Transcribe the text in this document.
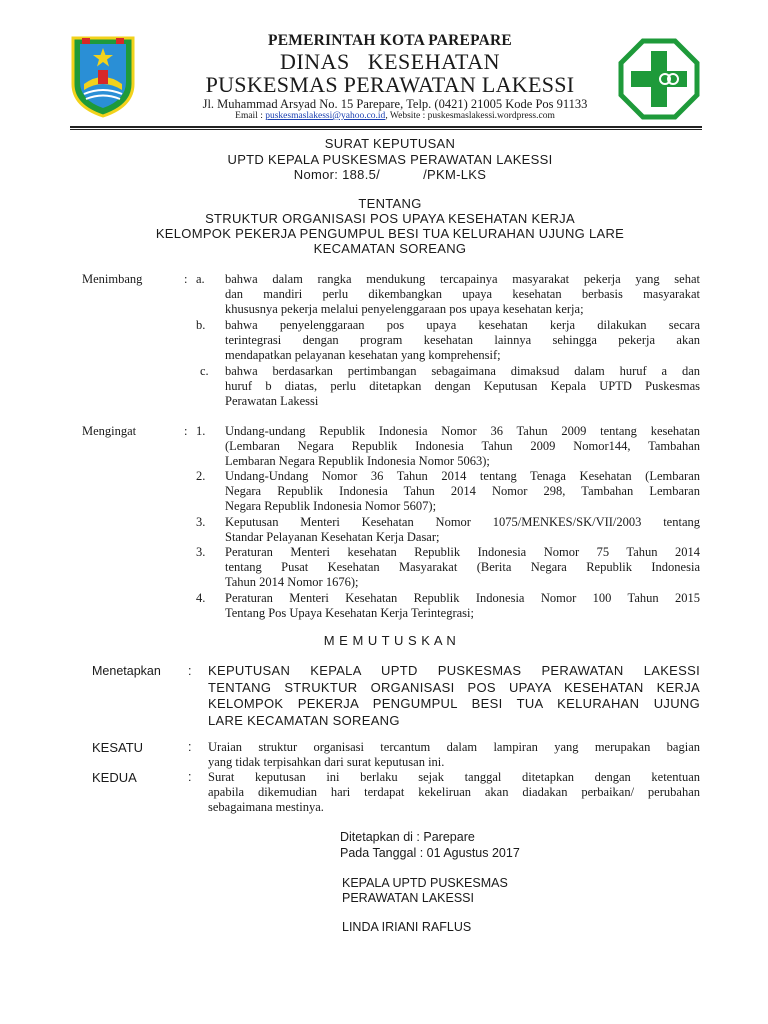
PEMERINTAH KOTA PAREPARE
DINAS   KESEHATAN
PUSKESMAS PERAWATAN LAKESSI
Jl. Muhammad Arsyad No. 15 Parepare, Telp. (0421) 21005 Kode Pos 91133
Email : puskesmaslakessi@yahoo.co.id, Website : puskesmaslakessi.wordpress.com
SURAT KEPUTUSAN
UPTD KEPALA PUSKESMAS PERAWATAN LAKESSI
Nomor: 188.5/           /PKM-LKS
TENTANG
STRUKTUR ORGANISASI POS UPAYA KESEHATAN KERJA
KELOMPOK PEKERJA PENGUMPUL BESI TUA KELURAHAN UJUNG LARE
KECAMATAN SOREANG
Menimbang	: a. bahwa dalam rangka mendukung tercapainya masyarakat pekerja yang sehat
dan mandiri perlu dikembangkan upaya kesehatan berbasis masyarakat
khususnya pekerja melalui penyelenggaraan pos upaya kesehatan kerja;
b. bahwa penyelenggaraan pos upaya kesehatan kerja dilakukan secara
terintegrasi dengan program kesehatan lainnya sehingga pekerja akan
mendapatkan pelayanan kesehatan yang komprehensif;
c. bahwa berdasarkan pertimbangan sebagaimana dimaksud dalam huruf a dan
huruf b diatas, perlu ditetapkan dengan Keputusan Kepala UPTD Puskesmas
Perawatan Lakessi
Mengingat	: 1. Undang-undang Republik Indonesia Nomor 36 Tahun 2009 tentang kesehatan
(Lembaran Negara Republik Indonesia Tahun 2009 Nomor144, Tambahan
Lembaran Negara Republik Indonesia Nomor 5063);
2. Undang-Undang Nomor 36 Tahun 2014 tentang Tenaga Kesehatan (Lembaran
Negara Republik Indonesia Tahun 2014 Nomor 298, Tambahan Lembaran
Negara Republik Indonesia Nomor 5607);
3. Keputusan Menteri Kesehatan Nomor 1075/MENKES/SK/VII/2003 tentang
Standar Pelayanan Kesehatan Kerja Dasar;
3. Peraturan Menteri kesehatan Republik Indonesia Nomor 75 Tahun 2014
tentang Pusat Kesehatan Masyarakat (Berita Negara Republik Indonesia
Tahun 2014 Nomor 1676);
4. Peraturan Menteri Kesehatan Republik Indonesia Nomor 100 Tahun 2015
Tentang Pos Upaya Kesehatan Kerja Terintegrasi;
M E M U T U S K A N
Menetapkan : KEPUTUSAN KEPALA UPTD PUSKESMAS PERAWATAN LAKESSI
TENTANG STRUKTUR ORGANISASI POS UPAYA KESEHATAN KERJA
KELOMPOK PEKERJA PENGUMPUL BESI TUA KELURAHAN UJUNG
LARE KECAMATAN SOREANG
KESATU	: Uraian struktur organisasi tercantum dalam lampiran yang merupakan bagian
yang tidak terpisahkan dari surat keputusan ini.
KEDUA	: Surat keputusan ini berlaku sejak tanggal ditetapkan dengan ketentuan
apabila dikemudian hari terdapat kekeliruan akan diadakan perbaikan/ perubahan
sebagaimana mestinya.
Ditetapkan di : Parepare
Pada Tanggal : 01 Agustus 2017
KEPALA UPTD PUSKESMAS
PERAWATAN LAKESSI
LINDA IRIANI RAFLUS
